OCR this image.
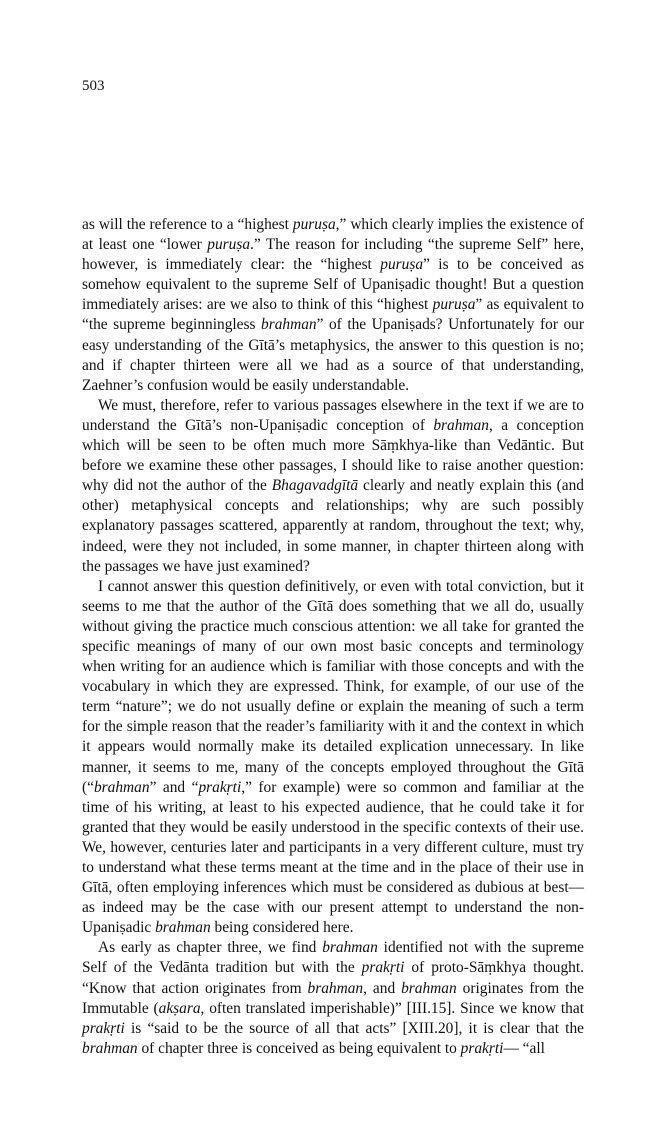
503

as will the reference to a “highest puruṣa,” which clearly implies the existence of at least one “lower puruṣa.” The reason for including “the supreme Self” here, however, is immediately clear: the “highest puruṣa” is to be conceived as somehow equivalent to the supreme Self of Upaniṣadic thought! But a question immediately arises: are we also to think of this “highest puruṣa” as equivalent to “the supreme beginningless brahman” of the Upaniṣads? Unfortunately for our easy understanding of the Gītā’s metaphysics, the answer to this question is no; and if chapter thirteen were all we had as a source of that understanding, Zaehner’s confusion would be easily understandable.

We must, therefore, refer to various passages elsewhere in the text if we are to understand the Gītā’s non-Upaniṣadic conception of brahman, a conception which will be seen to be often much more Sāṃkhya-like than Vedāntic. But before we examine these other passages, I should like to raise another question: why did not the author of the Bhagavadgītā clearly and neatly explain this (and other) metaphysical concepts and relationships; why are such possibly explanatory passages scattered, apparently at random, throughout the text; why, indeed, were they not included, in some manner, in chapter thirteen along with the passages we have just examined?

I cannot answer this question definitively, or even with total conviction, but it seems to me that the author of the Gītā does something that we all do, usually without giving the practice much conscious attention: we all take for granted the specific meanings of many of our own most basic concepts and terminology when writing for an audience which is familiar with those concepts and with the vocabulary in which they are expressed. Think, for example, of our use of the term “nature”; we do not usually define or explain the meaning of such a term for the simple reason that the reader’s familiarity with it and the context in which it appears would normally make its detailed explication unnecessary. In like manner, it seems to me, many of the concepts employed throughout the Gītā (“brahman” and “prakṛti,” for example) were so common and familiar at the time of his writing, at least to his expected audience, that he could take it for granted that they would be easily understood in the specific contexts of their use. We, however, centuries later and participants in a very different culture, must try to understand what these terms meant at the time and in the place of their use in Gītā, often employing inferences which must be considered as dubious at best—as indeed may be the case with our present attempt to understand the non-Upaniṣadic brahman being considered here.

As early as chapter three, we find brahman identified not with the supreme Self of the Vedānta tradition but with the prakṛti of proto-Sāṃkhya thought. “Know that action originates from brahman, and brahman originates from the Immutable (akṣara, often translated imperishable)” [III.15]. Since we know that prakṛti is “said to be the source of all that acts” [XIII.20], it is clear that the brahman of chapter three is conceived as being equivalent to prakṛti— “all
